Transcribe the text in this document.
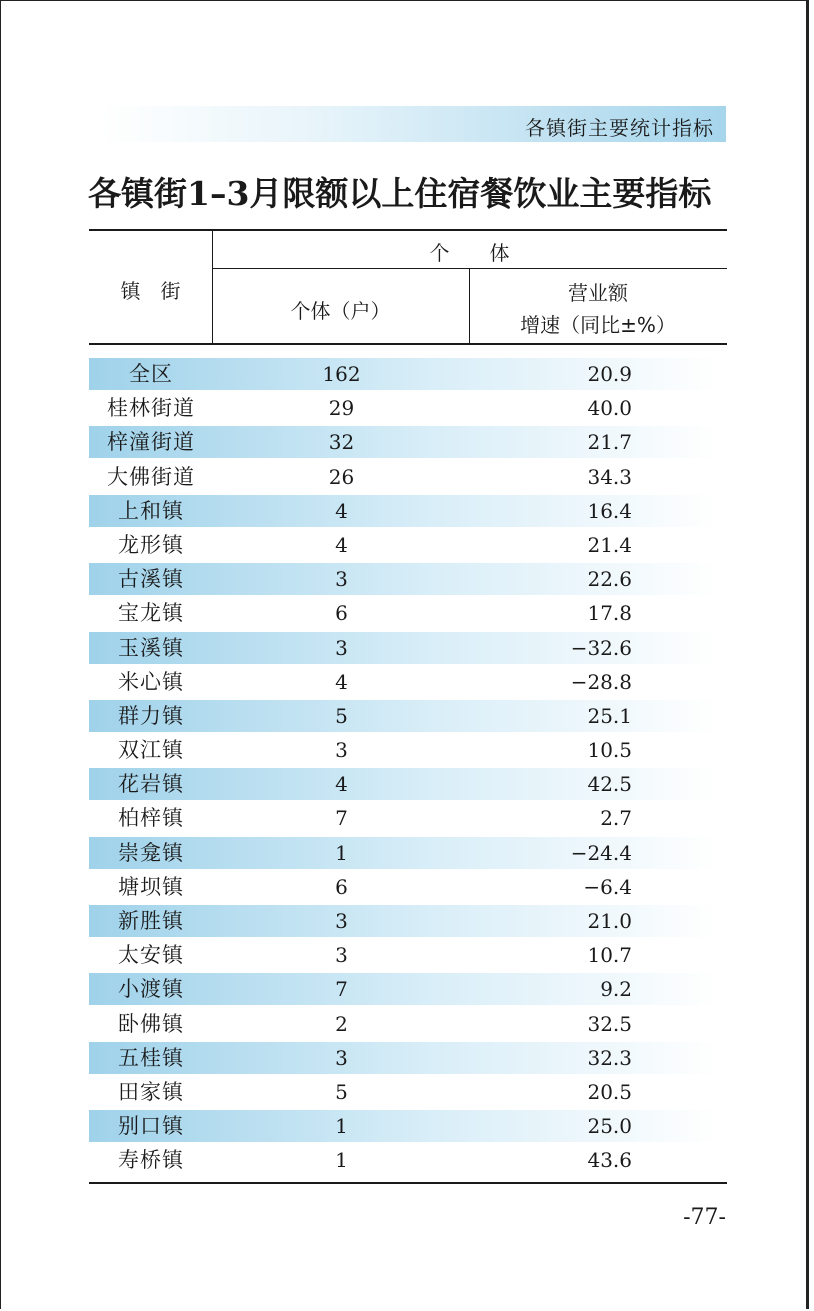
各镇街主要统计指标
各镇街1–3月限额以上住宿餐饮业主要指标
镇　街
个　　体
个体（户）
营业额
增速（同比±%）
全区	162	20.9
桂林街道	29	40.0
梓潼街道	32	21.7
大佛街道	26	34.3
上和镇	4	16.4
龙形镇	4	21.4
古溪镇	3	22.6
宝龙镇	6	17.8
玉溪镇	3	−32.6
米心镇	4	−28.8
群力镇	5	25.1
双江镇	3	10.5
花岩镇	4	42.5
柏梓镇	7	2.7
崇龛镇	1	−24.4
塘坝镇	6	−6.4
新胜镇	3	21.0
太安镇	3	10.7
小渡镇	7	9.2
卧佛镇	2	32.5
五桂镇	3	32.3
田家镇	5	20.5
别口镇	1	25.0
寿桥镇	1	43.6
-77-
